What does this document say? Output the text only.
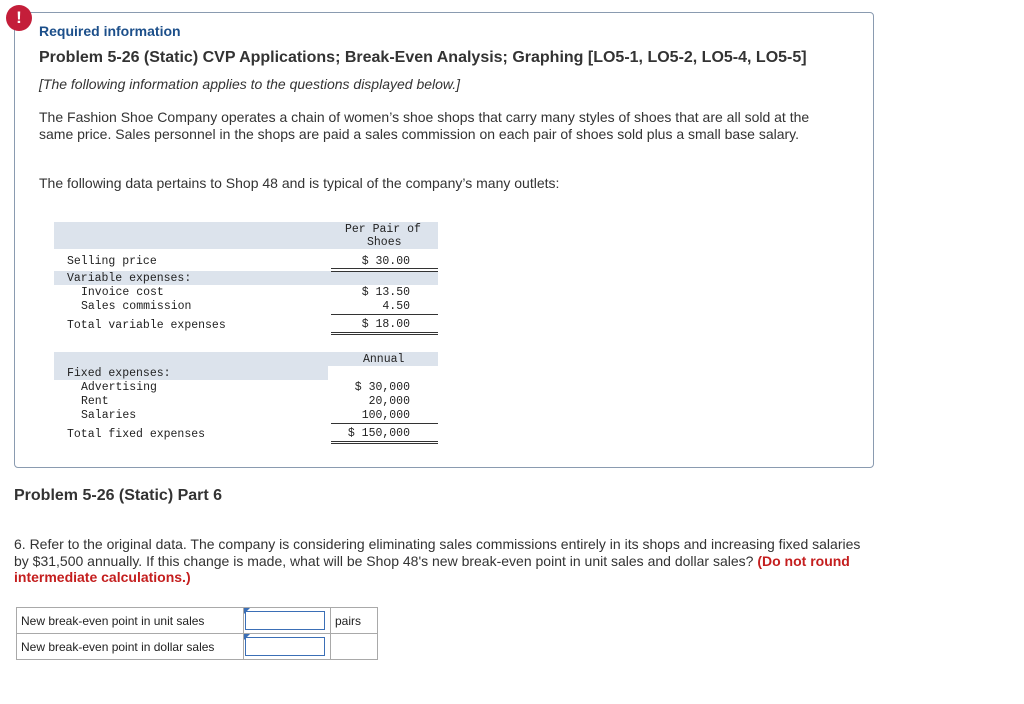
!
Required information
Problem 5-26 (Static) CVP Applications; Break-Even Analysis; Graphing [LO5-1, LO5-2, LO5-4, LO5-5]
[The following information applies to the questions displayed below.]
The Fashion Shoe Company operates a chain of women’s shoe shops that carry many styles of shoes that are all sold at the same price. Sales personnel in the shops are paid a sales commission on each pair of shoes sold plus a small base salary.
The following data pertains to Shop 48 and is typical of the company’s many outlets:
Per Pair of
Shoes
Selling price	$ 30.00
Variable expenses:
Invoice cost	$ 13.50
Sales commission	4.50
Total variable expenses	$ 18.00
Annual
Fixed expenses:
Advertising	$ 30,000
Rent	20,000
Salaries	100,000
Total fixed expenses	$ 150,000
Problem 5-26 (Static) Part 6
6. Refer to the original data. The company is considering eliminating sales commissions entirely in its shops and increasing fixed salaries by $31,500 annually. If this change is made, what will be Shop 48's new break-even point in unit sales and dollar sales? (Do not round intermediate calculations.)
New break-even point in unit sales		pairs
New break-even point in dollar sales	
